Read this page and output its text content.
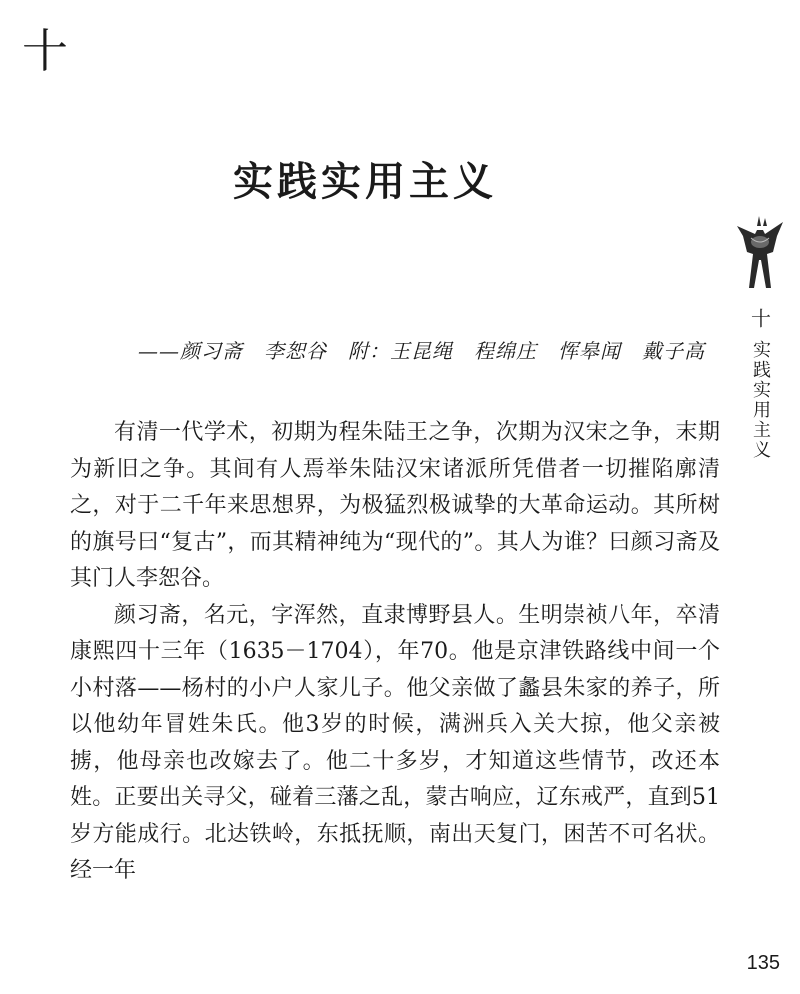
十
实践实用主义
——颜习斋　李恕谷　附：王昆绳　程绵庄　恽皋闻　戴子高

有清一代学术，初期为程朱陆王之争，次期为汉宋之争，末期为新旧之争。其间有人焉举朱陆汉宋诸派所凭借者一切摧陷廓清之，对于二千年来思想界，为极猛烈极诚挚的大革命运动。其所树的旗号曰“复古”，而其精神纯为“现代的”。其人为谁？曰颜习斋及其门人李恕谷。

颜习斋，名元，字浑然，直隶博野县人。生明崇祯八年，卒清康熙四十三年（1635－1704），年70。他是京津铁路线中间一个小村落——杨村的小户人家儿子。他父亲做了蠡县朱家的养子，所以他幼年冒姓朱氏。他3岁的时候，满洲兵入关大掠，他父亲被掳，他母亲也改嫁去了。他二十多岁，才知道这些情节，改还本姓。正要出关寻父，碰着三藩之乱，蒙古响应，辽东戒严，直到51岁方能成行。北达铁岭，东抵抚顺，南出天复门，困苦不可名状。经一年

十
实践实用主义
135
